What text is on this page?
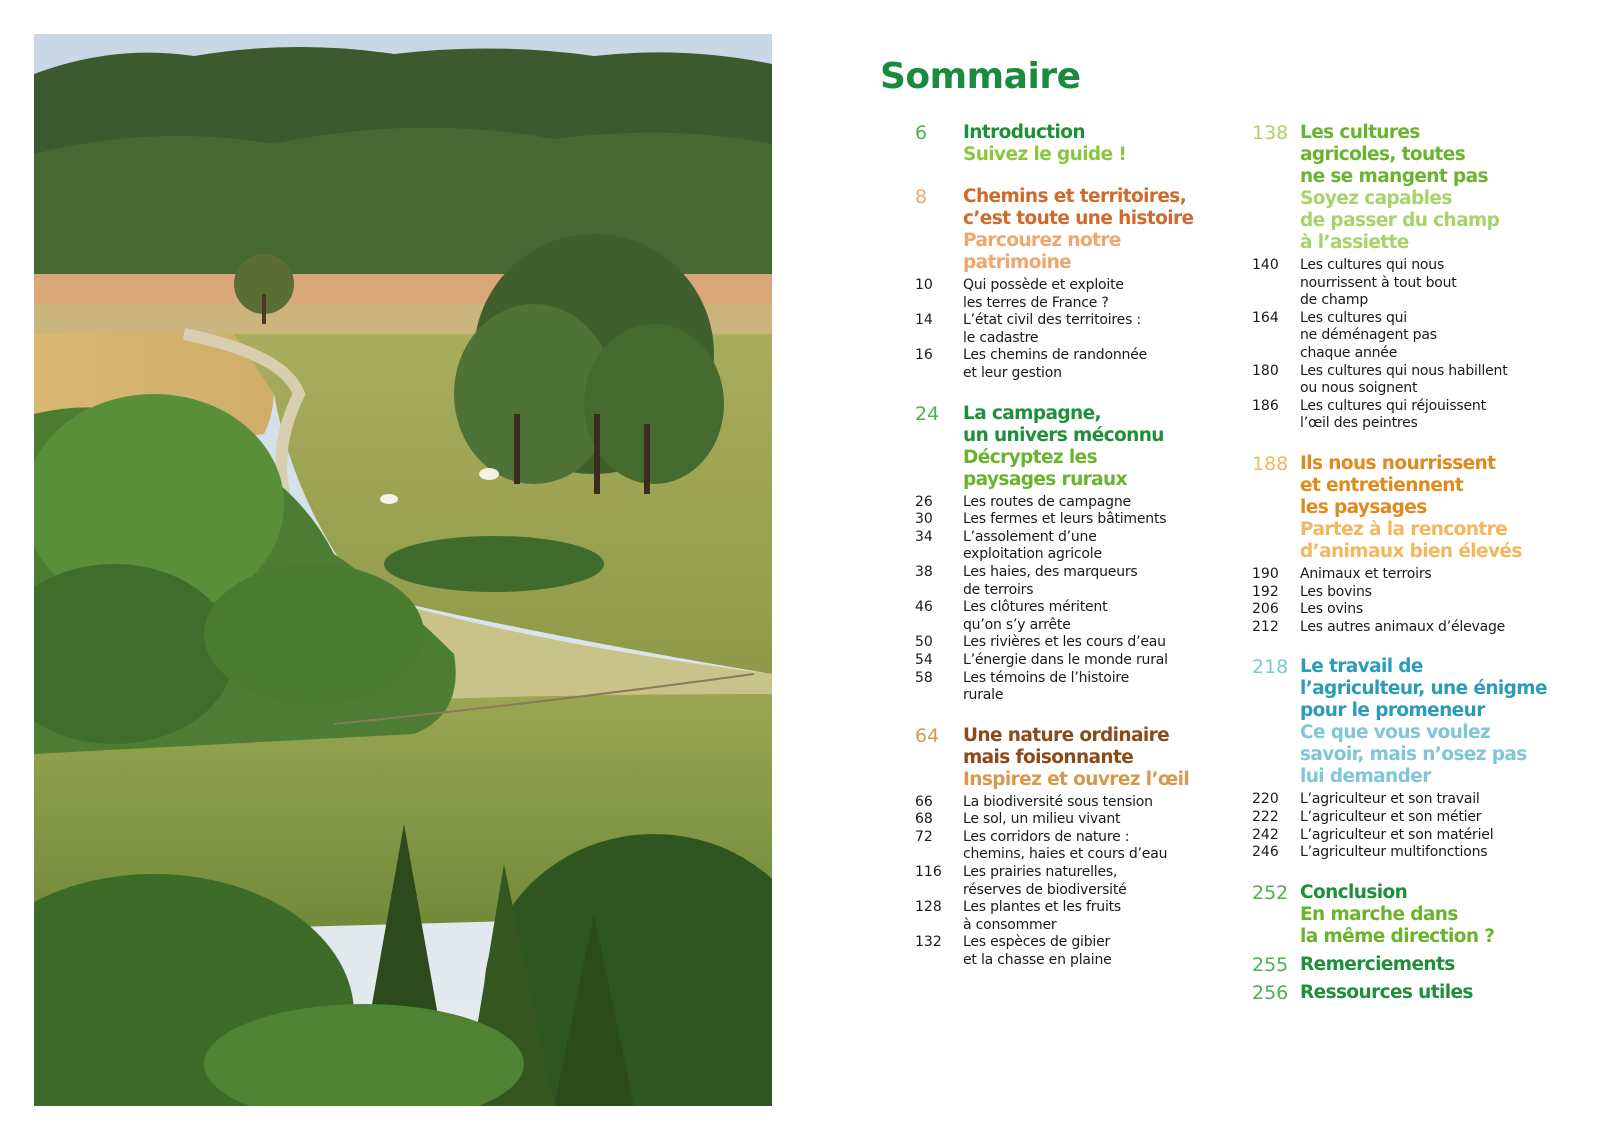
Sommaire
6	Introduction
Suivez le guide !
8	Chemins et territoires,
c’est toute une histoire
Parcourez notre
patrimoine
10	Qui possède et exploite
les terres de France ?
14	L’état civil des territoires :
le cadastre
16	Les chemins de randonnée
et leur gestion
24	La campagne,
un univers méconnu
Décryptez les
paysages ruraux
26	Les routes de campagne
30	Les fermes et leurs bâtiments
34	L’assolement d’une
exploitation agricole
38	Les haies, des marqueurs
de terroirs
46	Les clôtures méritent
qu’on s’y arrête
50	Les rivières et les cours d’eau
54	L’énergie dans le monde rural
58	Les témoins de l’histoire
rurale
64	Une nature ordinaire
mais foisonnante
Inspirez et ouvrez l’œil
66	La biodiversité sous tension
68	Le sol, un milieu vivant
72	Les corridors de nature :
chemins, haies et cours d’eau
116	Les prairies naturelles,
réserves de biodiversité
128	Les plantes et les fruits
à consommer
132	Les espèces de gibier
et la chasse en plaine
138 Les cultures
agricoles, toutes
ne se mangent pas
Soyez capables
de passer du champ
à l’assiette
140	Les cultures qui nous
nourrissent à tout bout
de champ
164	Les cultures qui
ne déménagent pas
chaque année
180	Les cultures qui nous habillent
ou nous soignent
186	Les cultures qui réjouissent
l’œil des peintres
188 Ils nous nourrissent
et entretiennent
les paysages
Partez à la rencontre
d’animaux bien élevés
190	Animaux et terroirs
192	Les bovins
206	Les ovins
212	Les autres animaux d’élevage
218 Le travail de
l’agriculteur, une énigme
pour le promeneur
Ce que vous voulez
savoir, mais n’osez pas
lui demander
220	L’agriculteur et son travail
222	L’agriculteur et son métier
242	L’agriculteur et son matériel
246	L’agriculteur multifonctions
252 Conclusion
En marche dans
la même direction ?
255 Remerciements
256 Ressources utiles
